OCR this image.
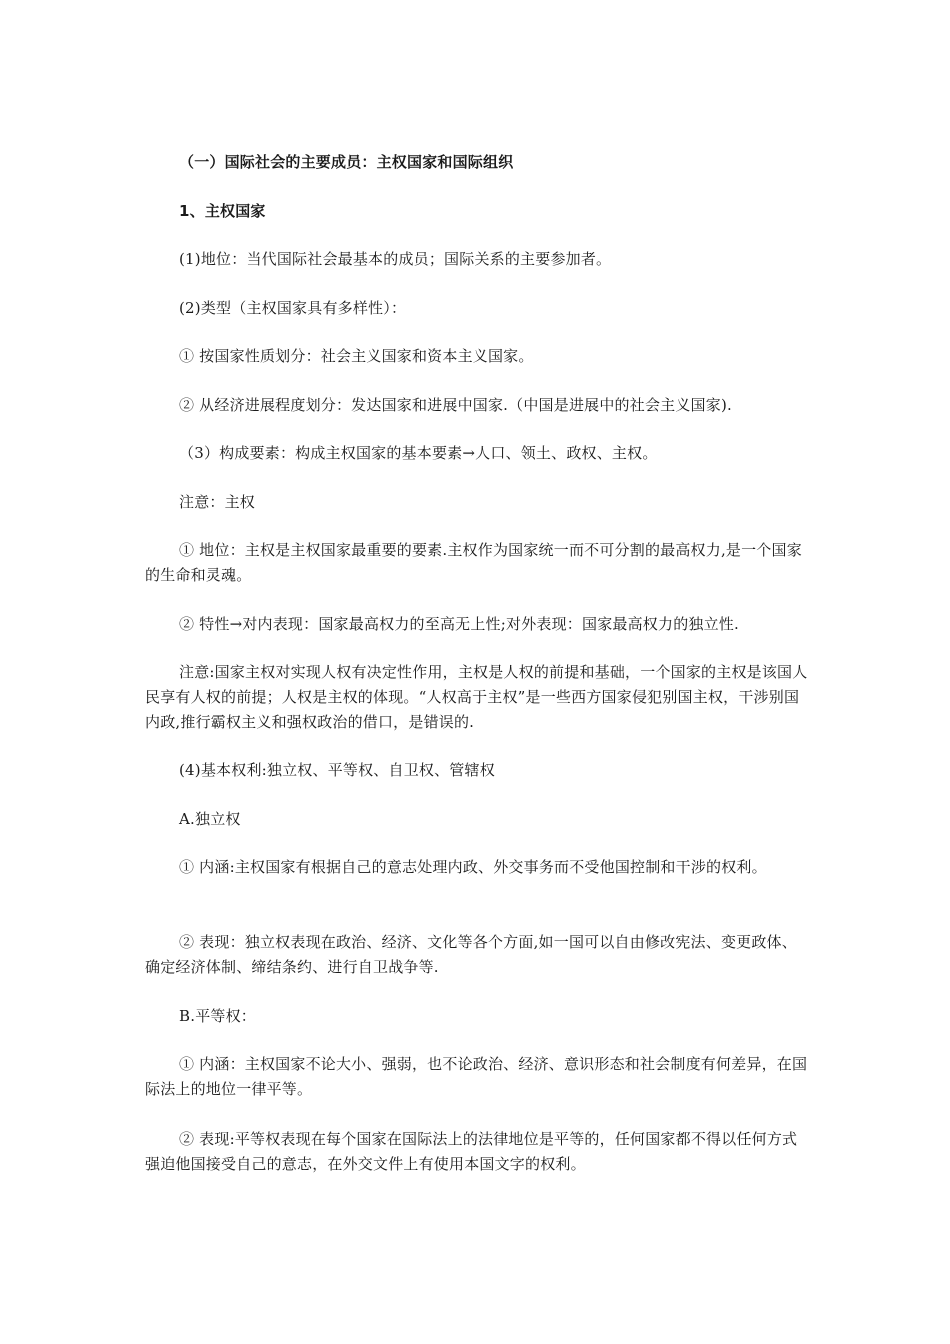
（一）国际社会的主要成员：主权国家和国际组织
1、主权国家
(1)地位：当代国际社会最基本的成员；国际关系的主要参加者。
(2)类型（主权国家具有多样性）：
① 按国家性质划分：社会主义国家和资本主义国家。
② 从经济进展程度划分：发达国家和进展中国家.（中国是进展中的社会主义国家).
（3）构成要素：构成主权国家的基本要素→人口、领土、政权、主权。
注意：主权
① 地位：主权是主权国家最重要的要素.主权作为国家统一而不可分割的最高权力,是一个国家的生命和灵魂。
② 特性→对内表现：国家最高权力的至高无上性;对外表现：国家最高权力的独立性.
注意:国家主权对实现人权有决定性作用，主权是人权的前提和基础，一个国家的主权是该国人民享有人权的前提；人权是主权的体现。“人权高于主权”是一些西方国家侵犯别国主权，干涉别国内政,推行霸权主义和强权政治的借口，是错误的.
(4)基本权利:独立权、平等权、自卫权、管辖权
A.独立权
① 内涵:主权国家有根据自己的意志处理内政、外交事务而不受他国控制和干涉的权利。
② 表现：独立权表现在政治、经济、文化等各个方面,如一国可以自由修改宪法、变更政体、确定经济体制、缔结条约、进行自卫战争等.
B.平等权：
① 内涵：主权国家不论大小、强弱，也不论政治、经济、意识形态和社会制度有何差异，在国际法上的地位一律平等。
② 表现:平等权表现在每个国家在国际法上的法律地位是平等的，任何国家都不得以任何方式强迫他国接受自己的意志，在外交文件上有使用本国文字的权利。
